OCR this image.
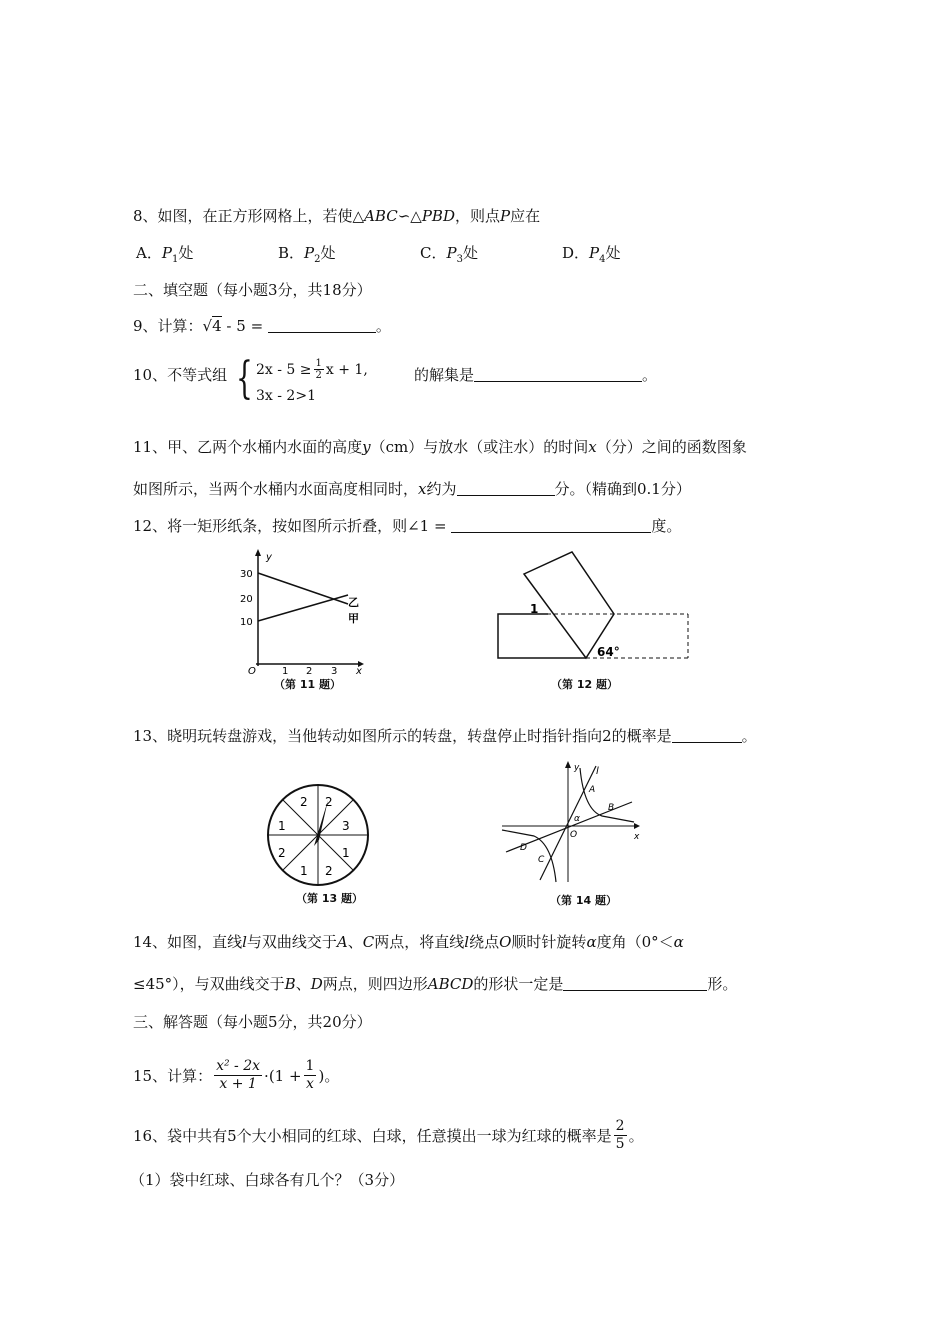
8、如图，在正方形网格上，若使△ABC∽△PBD，则点P应在
A．$P_1$处	B．$P_2$处	C．$P_3$处	D．$P_4$处
二、填空题（每小题3分，共18分）
9、计算：√4 - 5 =	。
10、不等式组 { $2x - 5 \ge \frac{1}{2}$ x + 1,
3x - 2>1
的解集是	。
11、甲、乙两个水桶内水面的高度y（cm）与放水（或注水）的时间x（分）之间的函数图象
如图所示，当两个水桶内水面高度相同时，x约为	分。（精确到0.1分）
12、将一矩形纸条，按如图所示折叠，则∠1 =	度。
y
x
O
10
20
30
1 2 3
乙
甲
（第 11 题）
1
64°
（第 12 题）
13、晓明玩转盘游戏，当他转动如图所示的转盘，转盘停止时指针指向2的概率是	。
2
3
1
2
1
2
1
2
（第 13 题）
y l
A
B
O
α
x
D
C
（第 14 题）
14、如图，直线l与双曲线交于A、C两点，将直线l绕点O顺时针旋转α度角（0°＜α
≤45°），与双曲线交于B、D两点，则四边形ABCD的形状一定是	形。
三、解答题（每小题5分，共20分）
15、计算： $\frac{\text{x² - 2x}}{x + 1} \cdot(1 + \frac{1}{x}$ ) 。
16、袋中共有5个大小相同的红球、白球，任意摸出一球为红球的概率是 $\frac{2}{5}$ 。
（1）袋中红球、白球各有几个？（3分）
